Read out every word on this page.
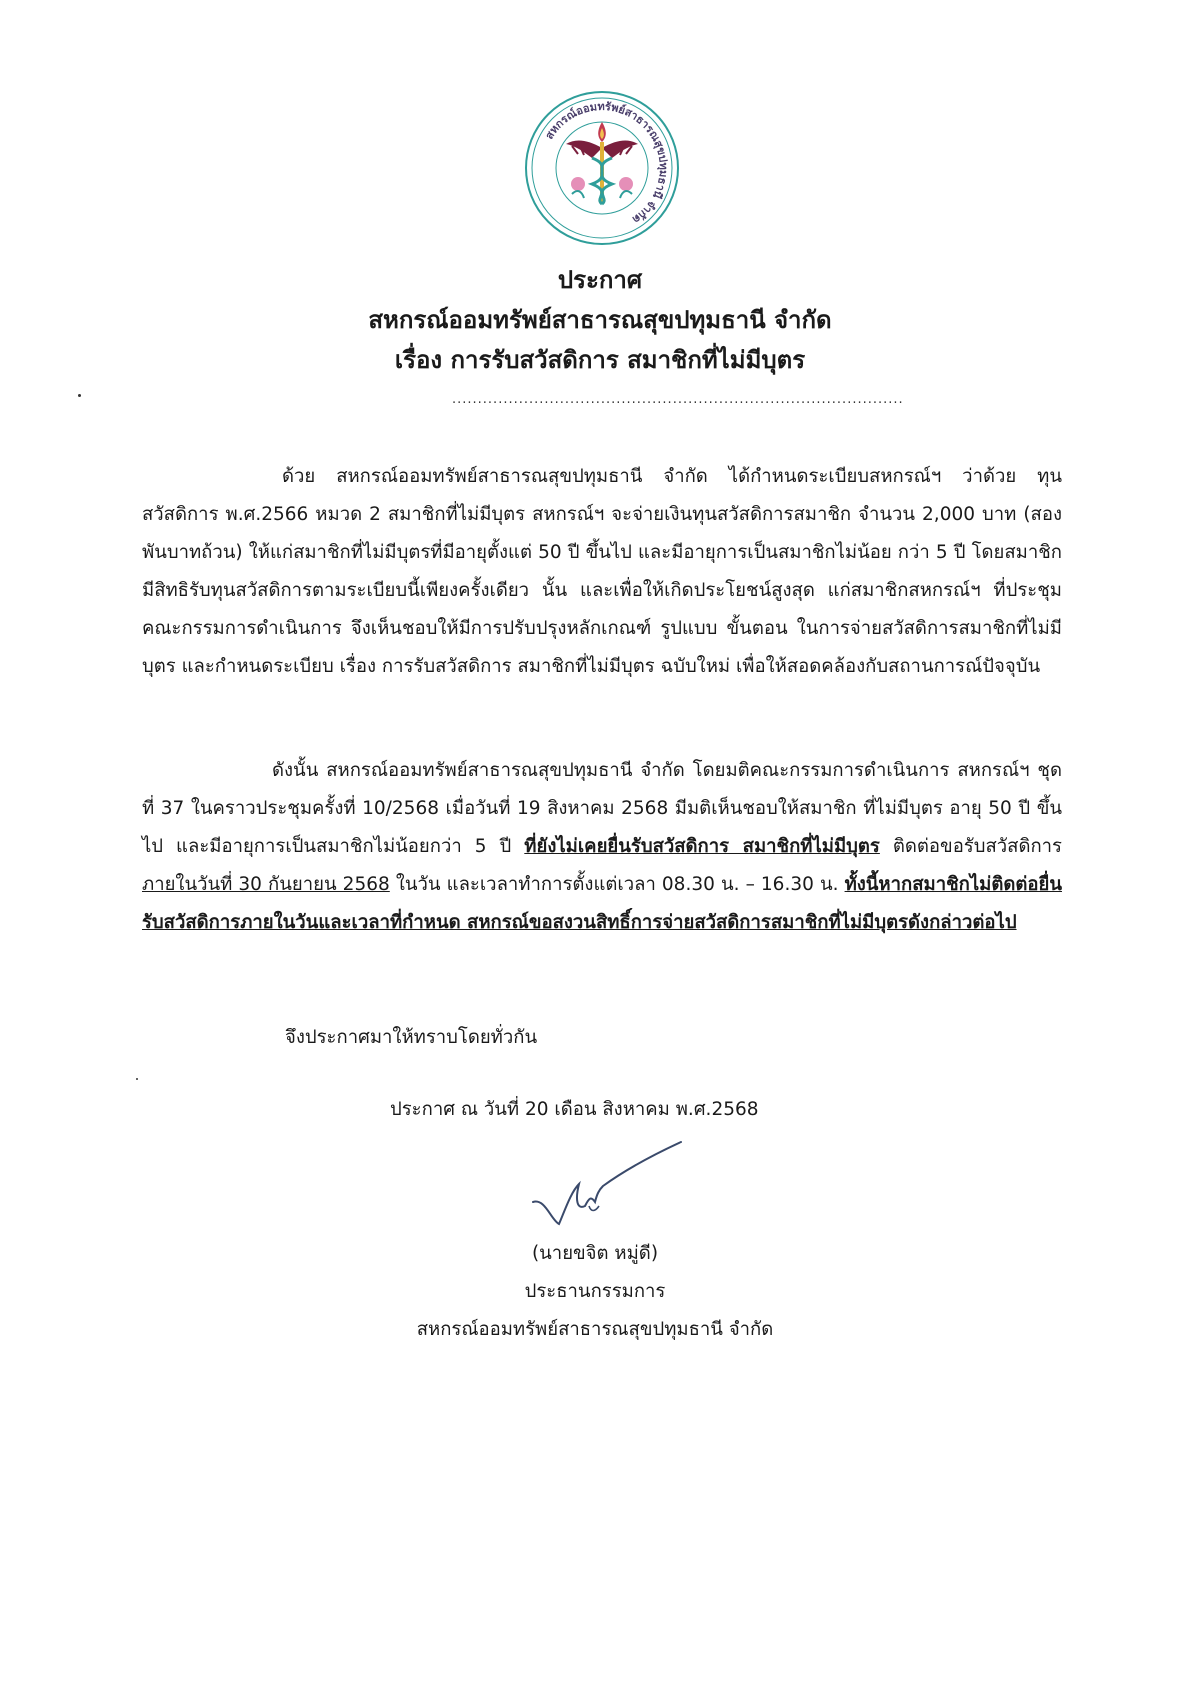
สหกรณ์ออมทรัพย์สาธารณสุขปทุมธานี จำกัด
ประกาศ
สหกรณ์ออมทรัพย์สาธารณสุขปทุมธานี จำกัด
เรื่อง การรับสวัสดิการ สมาชิกที่ไม่มีบุตร
........................................................................................
ด้วย สหกรณ์ออมทรัพย์สาธารณสุขปทุมธานี จำกัด ได้กำหนดระเบียบสหกรณ์ฯ ว่าด้วย ทุนสวัสดิการ พ.ศ.2566 หมวด 2 สมาชิกที่ไม่มีบุตร สหกรณ์ฯ จะจ่ายเงินทุนสวัสดิการสมาชิก จำนวน 2,000 บาท (สองพันบาทถ้วน) ให้แก่สมาชิกที่ไม่มีบุตรที่มีอายุตั้งแต่ 50 ปี ขึ้นไป และมีอายุการเป็นสมาชิกไม่น้อย กว่า 5 ปี โดยสมาชิกมีสิทธิรับทุนสวัสดิการตามระเบียบนี้เพียงครั้งเดียว นั้น และเพื่อให้เกิดประโยชน์สูงสุด แก่สมาชิกสหกรณ์ฯ ที่ประชุมคณะกรรมการดำเนินการ จึงเห็นชอบให้มีการปรับปรุงหลักเกณฑ์ รูปแบบ ขั้นตอน ในการจ่ายสวัสดิการสมาชิกที่ไม่มีบุตร และกำหนดระเบียบ เรื่อง การรับสวัสดิการ สมาชิกที่ไม่มีบุตร ฉบับใหม่ เพื่อให้สอดคล้องกับสถานการณ์ปัจจุบัน
ดังนั้น สหกรณ์ออมทรัพย์สาธารณสุขปทุมธานี จำกัด โดยมติคณะกรรมการดำเนินการ สหกรณ์ฯ ชุดที่ 37 ในคราวประชุมครั้งที่ 10/2568 เมื่อวันที่ 19 สิงหาคม 2568 มีมติเห็นชอบให้สมาชิก ที่ไม่มีบุตร อายุ 50 ปี ขึ้นไป และมีอายุการเป็นสมาชิกไม่น้อยกว่า 5 ปี ที่ยังไม่เคยยื่นรับสวัสดิการ สมาชิกที่ไม่มีบุตร ติดต่อขอรับสวัสดิการ ภายในวันที่ 30 กันยายน 2568 ในวัน และเวลาทำการตั้งแต่เวลา 08.30 น. – 16.30 น. ทั้งนี้หากสมาชิกไม่ติดต่อยื่นรับสวัสดิการภายในวันและเวลาที่กำหนด สหกรณ์ขอสงวนสิทธิ์การจ่ายสวัสดิการสมาชิกที่ไม่มีบุตรดังกล่าวต่อไป
จึงประกาศมาให้ทราบโดยทั่วกัน
ประกาศ ณ วันที่ 20 เดือน สิงหาคม พ.ศ.2568
(นายขจิต หมู่ดี)
ประธานกรรมการ
สหกรณ์ออมทรัพย์สาธารณสุขปทุมธานี จำกัด
